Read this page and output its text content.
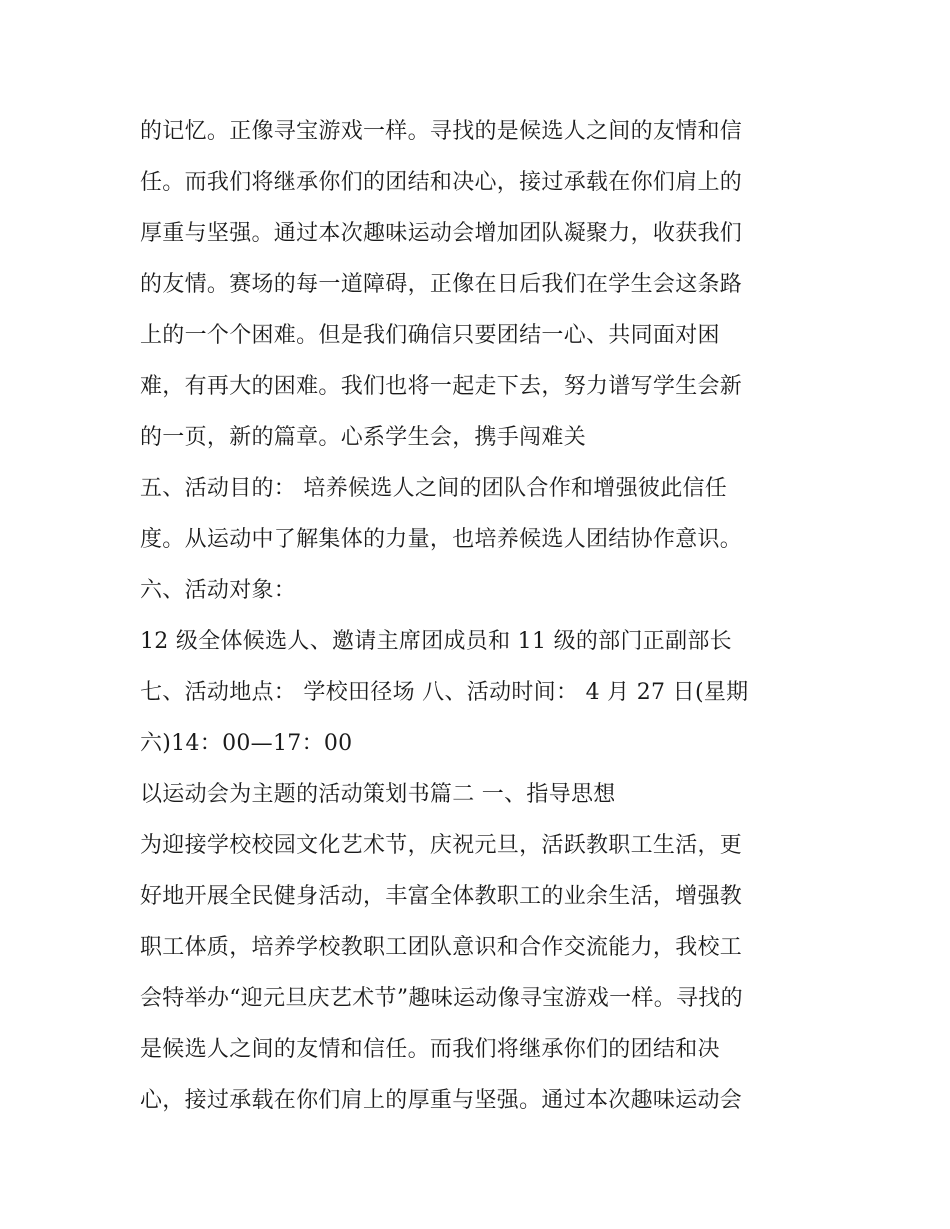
的记忆。正像寻宝游戏一样。寻找的是候选人之间的友情和信
任。而我们将继承你们的团结和决心，接过承载在你们肩上的
厚重与坚强。通过本次趣味运动会增加团队凝聚力，收获我们
的友情。赛场的每一道障碍，正像在日后我们在学生会这条路
上的一个个困难。但是我们确信只要团结一心、共同面对困
难，有再大的困难。我们也将一起走下去，努力谱写学生会新
的一页，新的篇章。心系学生会，携手闯难关
五、活动目的： 培养候选人之间的团队合作和增强彼此信任
度。从运动中了解集体的力量，也培养候选人团结协作意识。
六、活动对象：
12 级全体候选人、邀请主席团成员和 11 级的部门正副部长
七、活动地点： 学校田径场 八、活动时间： 4 月 27 日(星期
六)14：00—17：00
以运动会为主题的活动策划书篇二 一、指导思想
为迎接学校校园文化艺术节，庆祝元旦，活跃教职工生活，更
好地开展全民健身活动，丰富全体教职工的业余生活，增强教
职工体质，培养学校教职工团队意识和合作交流能力，我校工
会特举办“迎元旦庆艺术节”趣味运动像寻宝游戏一样。寻找的
是候选人之间的友情和信任。而我们将继承你们的团结和决
心，接过承载在你们肩上的厚重与坚强。通过本次趣味运动会
